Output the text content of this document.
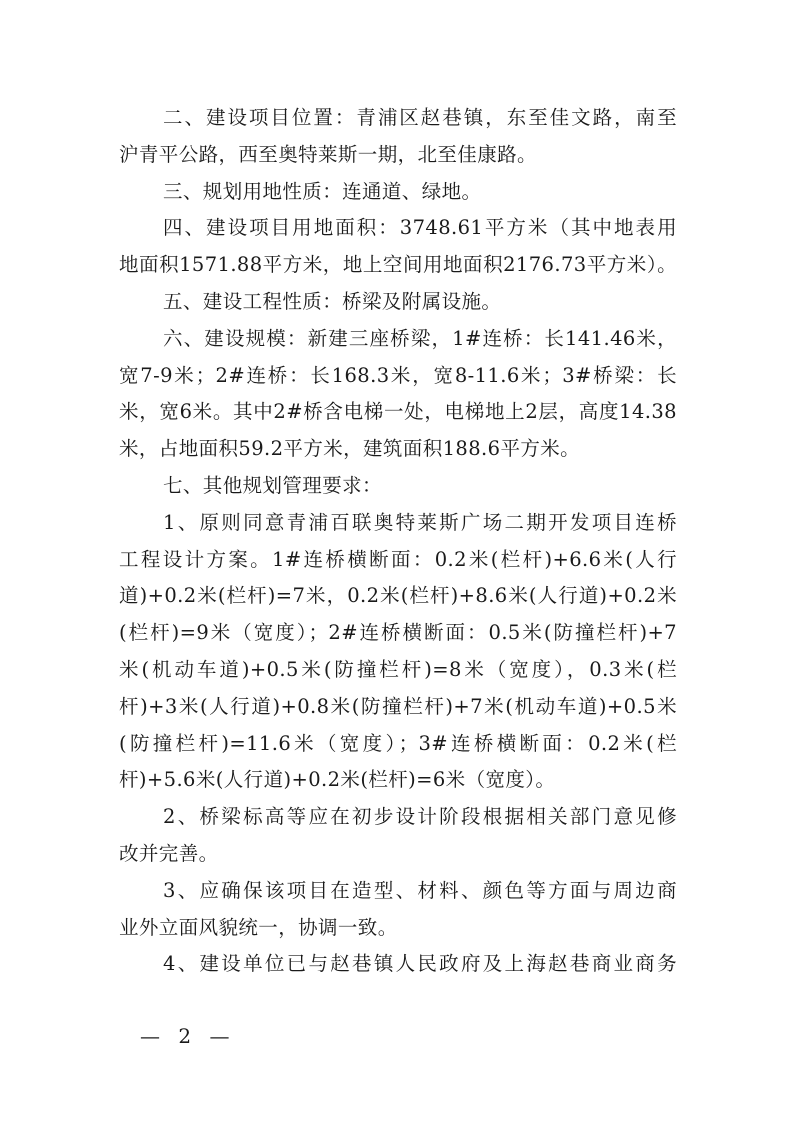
二、建设项目位置：青浦区赵巷镇，东至佳文路，南至
沪青平公路，西至奥特莱斯一期，北至佳康路。
三、规划用地性质：连通道、绿地。
四、建设项目用地面积：3748.61平方米（其中地表用
地面积1571.88平方米，地上空间用地面积2176.73平方米）。
五、建设工程性质：桥梁及附属设施。
六、建设规模：新建三座桥梁，1#连桥：长141.46米，
宽7-9米；2#连桥：长168.3米，宽8-11.6米；3#桥梁：长
米，宽6米。其中2#桥含电梯一处，电梯地上2层，高度14.38
米，占地面积59.2平方米，建筑面积188.6平方米。
七、其他规划管理要求：
1、原则同意青浦百联奥特莱斯广场二期开发项目连桥
工程设计方案。1#连桥横断面：0.2米(栏杆)+6.6米(人行
道)+0.2米(栏杆)=7米，0.2米(栏杆)+8.6米(人行道)+0.2米
(栏杆)=9米（宽度）；2#连桥横断面：0.5米(防撞栏杆)+7
米(机动车道)+0.5米(防撞栏杆)=8米（宽度），0.3米(栏
杆)+3米(人行道)+0.8米(防撞栏杆)+7米(机动车道)+0.5米
(防撞栏杆)=11.6米（宽度）；3#连桥横断面：0.2米(栏
杆)+5.6米(人行道)+0.2米(栏杆)=6米（宽度）。
2、桥梁标高等应在初步设计阶段根据相关部门意见修
改并完善。
3、应确保该项目在造型、材料、颜色等方面与周边商
业外立面风貌统一，协调一致。
4、建设单位已与赵巷镇人民政府及上海赵巷商业商务
— 2 —
